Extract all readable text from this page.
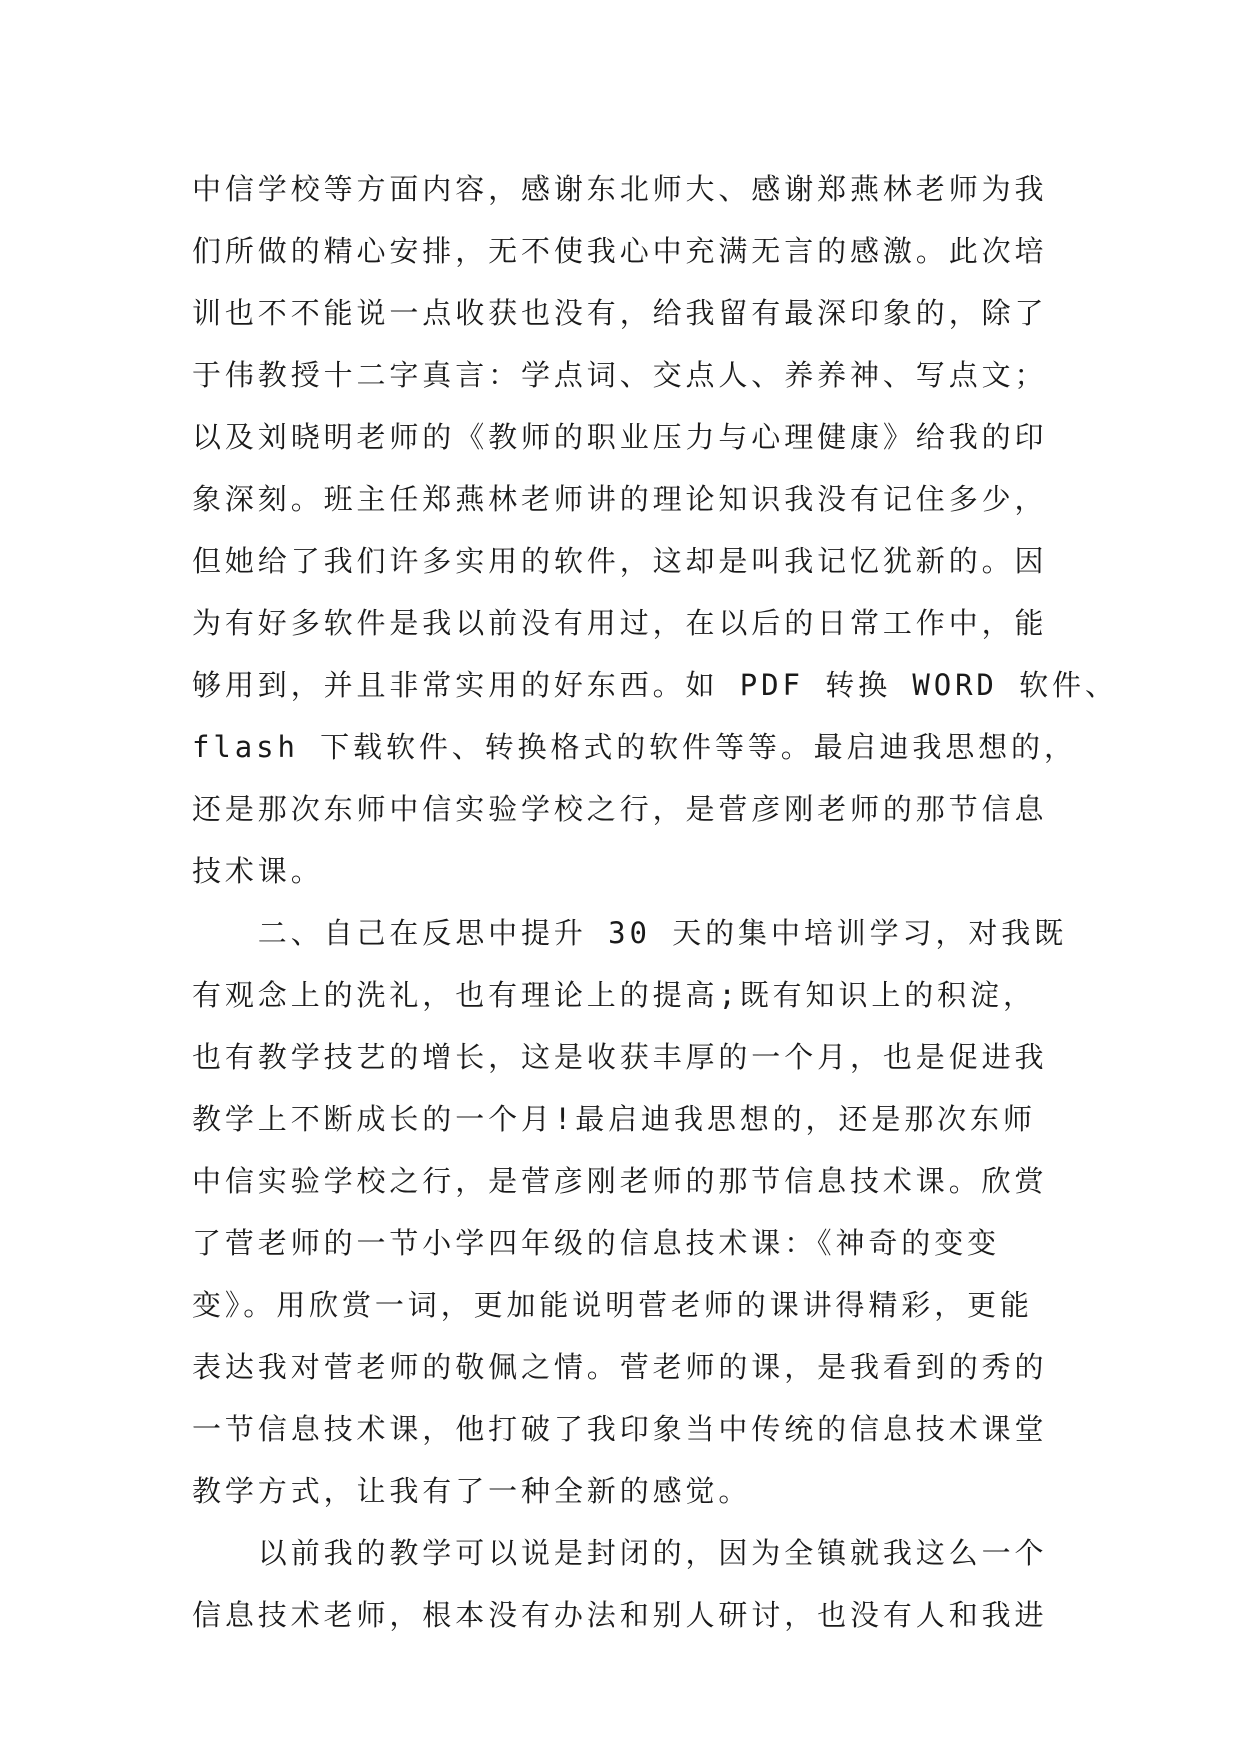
中信学校等方面内容，感谢东北师大、感谢郑燕林老师为我
们所做的精心安排，无不使我心中充满无言的感激。此次培
训也不不能说一点收获也没有，给我留有最深印象的，除了
于伟教授十二字真言：学点词、交点人、养养神、写点文；
以及刘晓明老师的《教师的职业压力与心理健康》给我的印
象深刻。班主任郑燕林老师讲的理论知识我没有记住多少，
但她给了我们许多实用的软件，这却是叫我记忆犹新的。因
为有好多软件是我以前没有用过，在以后的日常工作中，能
够用到，并且非常实用的好东西。如 PDF 转换 WORD 软件、
flash 下载软件、转换格式的软件等等。最启迪我思想的，
还是那次东师中信实验学校之行，是菅彦刚老师的那节信息
技术课。
　　二、自己在反思中提升 30 天的集中培训学习，对我既
有观念上的洗礼，也有理论上的提高;既有知识上的积淀，
也有教学技艺的增长，这是收获丰厚的一个月，也是促进我
教学上不断成长的一个月!最启迪我思想的，还是那次东师
中信实验学校之行，是菅彦刚老师的那节信息技术课。欣赏
了菅老师的一节小学四年级的信息技术课：《神奇的变变
变》。用欣赏一词，更加能说明菅老师的课讲得精彩，更能
表达我对菅老师的敬佩之情。菅老师的课，是我看到的秀的
一节信息技术课，他打破了我印象当中传统的信息技术课堂
教学方式，让我有了一种全新的感觉。
　　以前我的教学可以说是封闭的，因为全镇就我这么一个
信息技术老师，根本没有办法和别人研讨，也没有人和我进
